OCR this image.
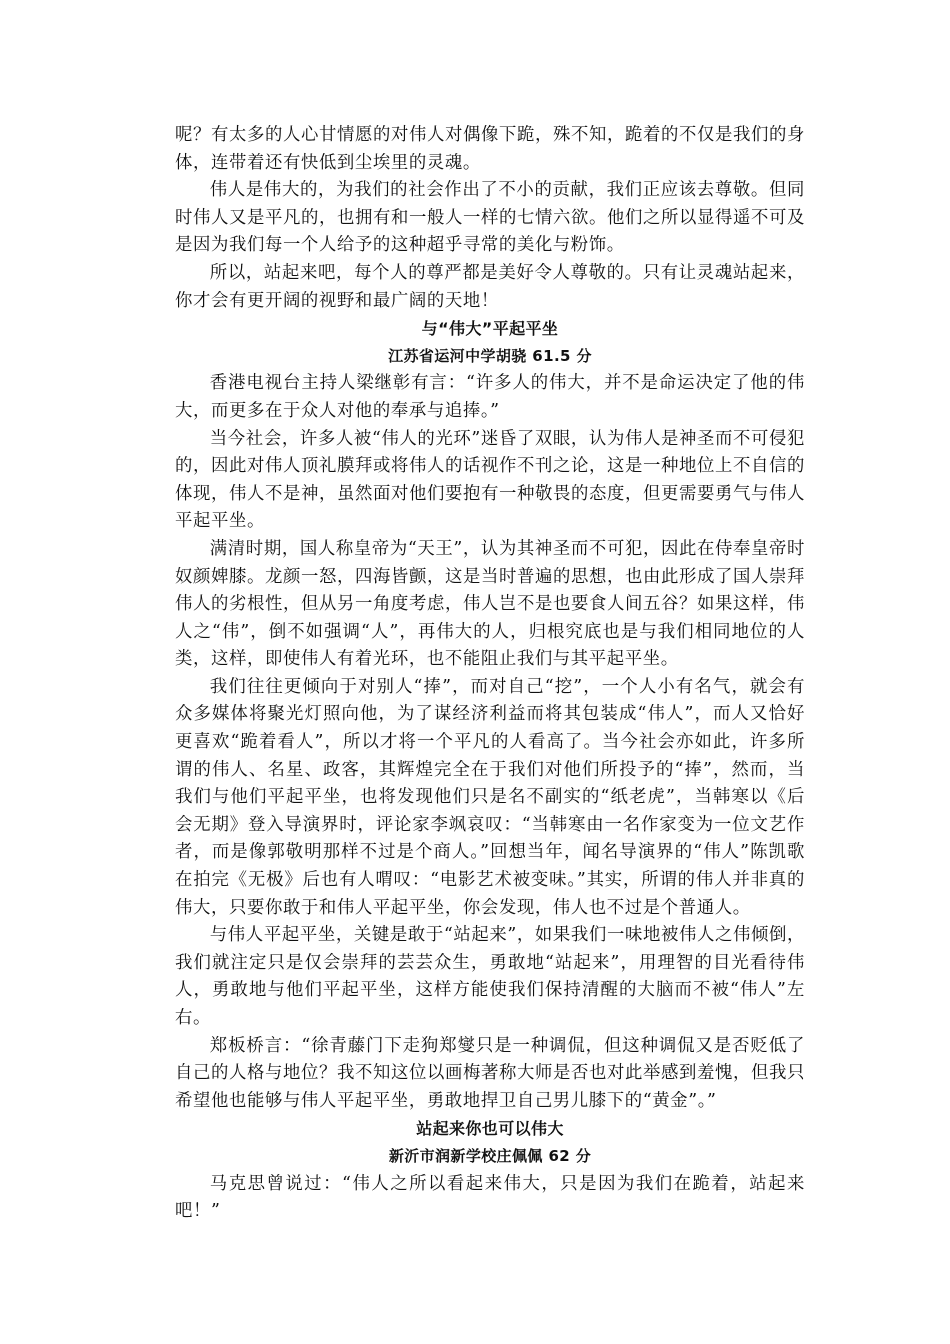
呢？有太多的人心甘情愿的对伟人对偶像下跪，殊不知，跪着的不仅是我们的身体，连带着还有快低到尘埃里的灵魂。

伟人是伟大的，为我们的社会作出了不小的贡献，我们正应该去尊敬。但同时伟人又是平凡的，也拥有和一般人一样的七情六欲。他们之所以显得遥不可及是因为我们每一个人给予的这种超乎寻常的美化与粉饰。

所以，站起来吧，每个人的尊严都是美好令人尊敬的。只有让灵魂站起来，你才会有更开阔的视野和最广阔的天地！

与“伟大”平起平坐
江苏省运河中学胡骁 61.5 分

香港电视台主持人梁继彰有言：“许多人的伟大，并不是命运决定了他的伟大，而更多在于众人对他的奉承与追捧。”

当今社会，许多人被“伟人的光环”迷昏了双眼，认为伟人是神圣而不可侵犯的，因此对伟人顶礼膜拜或将伟人的话视作不刊之论，这是一种地位上不自信的体现，伟人不是神，虽然面对他们要抱有一种敬畏的态度，但更需要勇气与伟人平起平坐。

满清时期，国人称皇帝为“天王”，认为其神圣而不可犯，因此在侍奉皇帝时奴颜婢膝。龙颜一怒，四海皆颤，这是当时普遍的思想，也由此形成了国人崇拜伟人的劣根性，但从另一角度考虑，伟人岂不是也要食人间五谷？如果这样，伟人之“伟”，倒不如强调“人”，再伟大的人，归根究底也是与我们相同地位的人类，这样，即使伟人有着光环，也不能阻止我们与其平起平坐。

我们往往更倾向于对别人“捧”，而对自己“挖”，一个人小有名气，就会有众多媒体将聚光灯照向他，为了谋经济利益而将其包装成“伟人”，而人又恰好更喜欢“跪着看人”，所以才将一个平凡的人看高了。当今社会亦如此，许多所谓的伟人、名星、政客，其辉煌完全在于我们对他们所投予的“捧”，然而，当我们与他们平起平坐，也将发现他们只是名不副实的“纸老虎”，当韩寒以《后会无期》登入导演界时，评论家李飒哀叹：“当韩寒由一名作家变为一位文艺作者，而是像郭敬明那样不过是个商人。”回想当年，闻名导演界的“伟人”陈凯歌在拍完《无极》后也有人喟叹：“电影艺术被变味。”其实，所谓的伟人并非真的伟大，只要你敢于和伟人平起平坐，你会发现，伟人也不过是个普通人。

与伟人平起平坐，关键是敢于“站起来”，如果我们一味地被伟人之伟倾倒，我们就注定只是仅会崇拜的芸芸众生，勇敢地“站起来”，用理智的目光看待伟人，勇敢地与他们平起平坐，这样方能使我们保持清醒的大脑而不被“伟人”左右。

郑板桥言：“徐青藤门下走狗郑燮只是一种调侃，但这种调侃又是否贬低了自己的人格与地位？我不知这位以画梅著称大师是否也对此举感到羞愧，但我只希望他也能够与伟人平起平坐，勇敢地捍卫自己男儿膝下的“黄金”。”

站起来你也可以伟大
新沂市润新学校庄佩佩 62 分

马克思曾说过：“伟人之所以看起来伟大，只是因为我们在跪着，站起来吧！”
